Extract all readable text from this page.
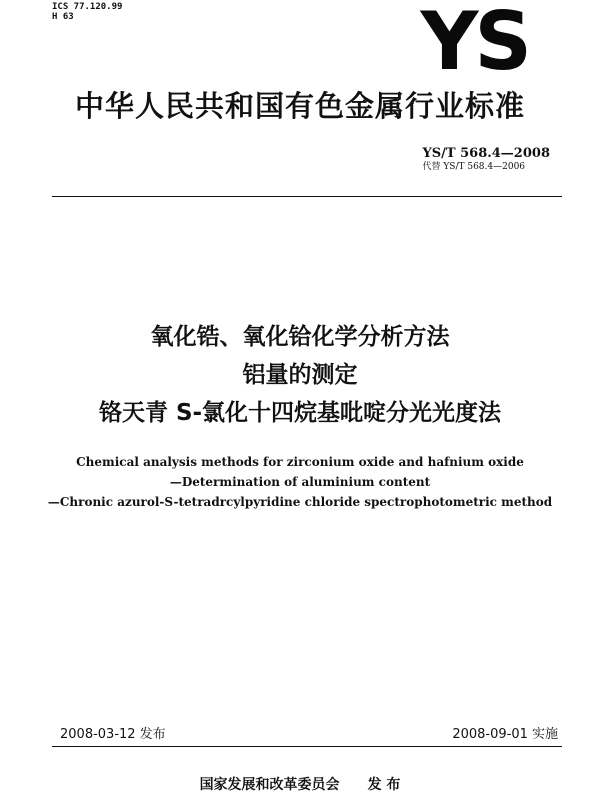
ICS 77.120.99
H 63	YS
中华人民共和国有色金属行业标准
YS/T 568.4—2008
代替 YS/T 568.4—2006
氧化锆、氧化铪化学分析方法
铝量的测定
铬天青 S-氯化十四烷基吡啶分光光度法
Chemical analysis methods for zirconium oxide and hafnium oxide
—Determination of aluminium content
—Chronic azurol-S-tetradrcylpyridine chloride spectrophotometric method
2008-03-12 发布	2008-09-01 实施
国家发展和改革委员会 发 布
